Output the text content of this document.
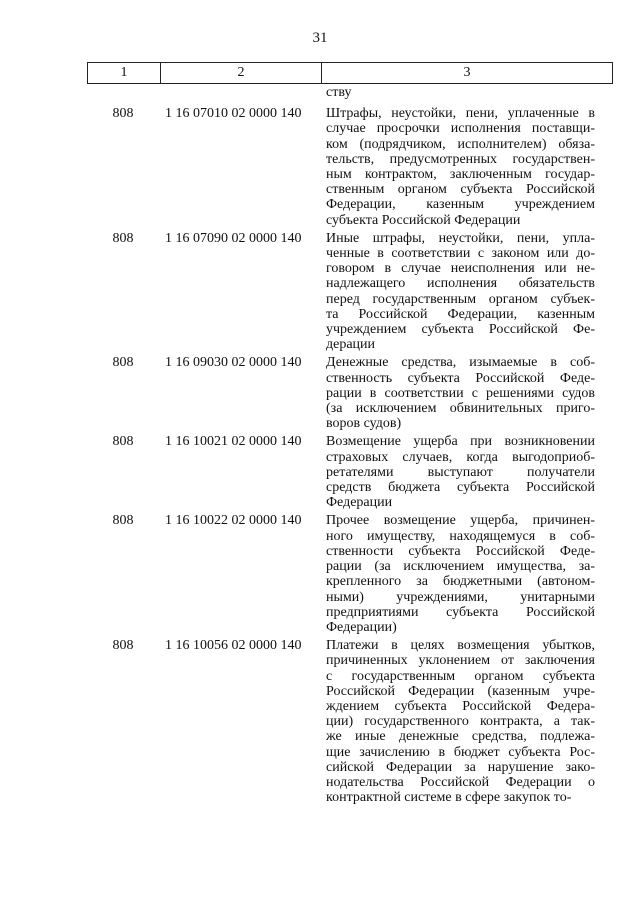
31
1	2	3
ству
808	1 16 07010 02 0000 140	Штрафы, неустойки, пени, уплаченные в
случае просрочки исполнения поставщи-
ком (подрядчиком, исполнителем) обяза-
тельств, предусмотренных государствен-
ным контрактом, заключенным государ-
ственным органом субъекта Российской
Федерации, казенным учреждением
субъекта Российской Федерации
808	1 16 07090 02 0000 140	Иные штрафы, неустойки, пени, упла-
ченные в соответствии с законом или до-
говором в случае неисполнения или не-
надлежащего исполнения обязательств
перед государственным органом субъек-
та Российской Федерации, казенным
учреждением субъекта Российской Фе-
дерации
808	1 16 09030 02 0000 140	Денежные средства, изымаемые в соб-
ственность субъекта Российской Феде-
рации в соответствии с решениями судов
(за исключением обвинительных приго-
воров судов)
808	1 16 10021 02 0000 140	Возмещение ущерба при возникновении
страховых случаев, когда выгодоприоб-
ретателями выступают получатели
средств бюджета субъекта Российской
Федерации
808	1 16 10022 02 0000 140	Прочее возмещение ущерба, причинен-
ного имуществу, находящемуся в соб-
ственности субъекта Российской Феде-
рации (за исключением имущества, за-
крепленного за бюджетными (автоном-
ными) учреждениями, унитарными
предприятиями субъекта Российской
Федерации)
808	1 16 10056 02 0000 140	Платежи в целях возмещения убытков,
причиненных уклонением от заключения
с государственным органом субъекта
Российской Федерации (казенным учре-
ждением субъекта Российской Федера-
ции) государственного контракта, а так-
же иные денежные средства, подлежа-
щие зачислению в бюджет субъекта Рос-
сийской Федерации за нарушение зако-
нодательства Российской Федерации о
контрактной системе в сфере закупок то-
